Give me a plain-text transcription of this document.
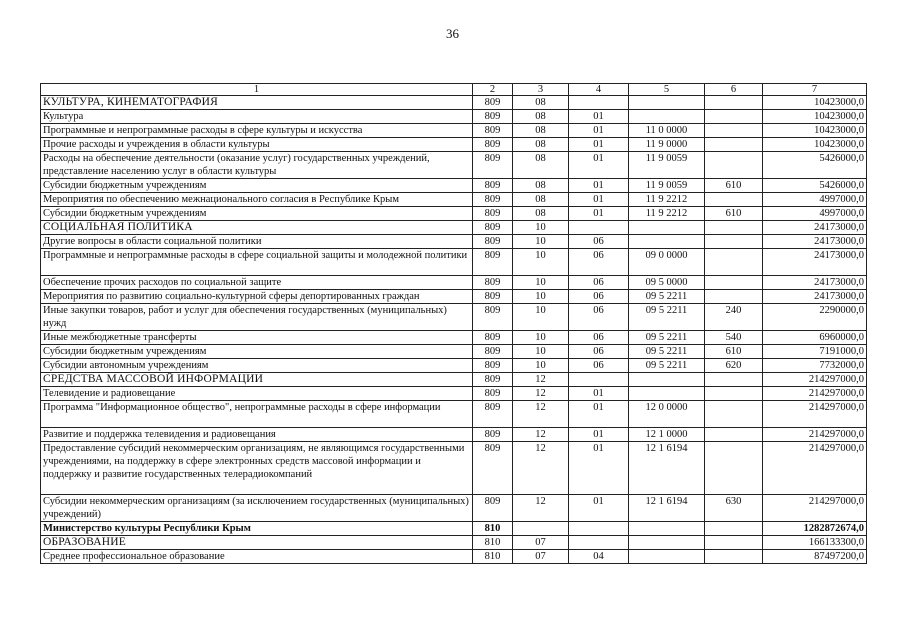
36
1	2	3	4	5	6	7
КУЛЬТУРА, КИНЕМАТОГРАФИЯ	809	08				10423000,0
Культура	809	08	01			10423000,0
Программные и непрограммные расходы в сфере культуры и искусства	809	08	01	11 0 0000		10423000,0
Прочие расходы и учреждения в области культуры	809	08	01	11 9 0000		10423000,0
Расходы на обеспечение деятельности (оказание услуг) государственных учреждений, представление населению услуг в области культуры	809	08	01	11 9 0059		5426000,0
Субсидии бюджетным учреждениям	809	08	01	11 9 0059	610	5426000,0
Мероприятия по обеспечению межнационального согласия в Республике Крым	809	08	01	11 9 2212		4997000,0
Субсидии бюджетным учреждениям	809	08	01	11 9 2212	610	4997000,0
СОЦИАЛЬНАЯ ПОЛИТИКА	809	10				24173000,0
Другие вопросы в области социальной политики	809	10	06			24173000,0
Программные и непрограммные расходы в сфере социальной защиты и молодежной политики	809	10	06	09 0 0000		24173000,0
Обеспечение прочих расходов по социальной защите	809	10	06	09 5 0000		24173000,0
Мероприятия по развитию социально-культурной сферы депортированных граждан	809	10	06	09 5 2211		24173000,0
Иные закупки товаров, работ и услуг для обеспечения государственных (муниципальных) нужд	809	10	06	09 5 2211	240	2290000,0
Иные межбюджетные трансферты	809	10	06	09 5 2211	540	6960000,0
Субсидии бюджетным учреждениям	809	10	06	09 5 2211	610	7191000,0
Субсидии автономным учреждениям	809	10	06	09 5 2211	620	7732000,0
СРЕДСТВА МАССОВОЙ ИНФОРМАЦИИ	809	12				214297000,0
Телевидение и радиовещание	809	12	01			214297000,0
Программа "Информационное общество", непрограммные расходы в сфере информации	809	12	01	12 0 0000		214297000,0
Развитие и поддержка телевидения и радиовещания	809	12	01	12 1 0000		214297000,0
Предоставление субсидий некоммерческим организациям, не являющимся государственными учреждениями, на поддержку в сфере электронных средств массовой информации и поддержку и развитие государственных телерадиокомпаний	809	12	01	12 1 6194		214297000,0
Субсидии некоммерческим организациям (за исключением государственных (муниципальных) учреждений)	809	12	01	12 1 6194	630	214297000,0
Министерство культуры Республики Крым	810					1282872674,0
ОБРАЗОВАНИЕ	810	07				166133300,0
Среднее профессиональное образование	810	07	04			87497200,0
